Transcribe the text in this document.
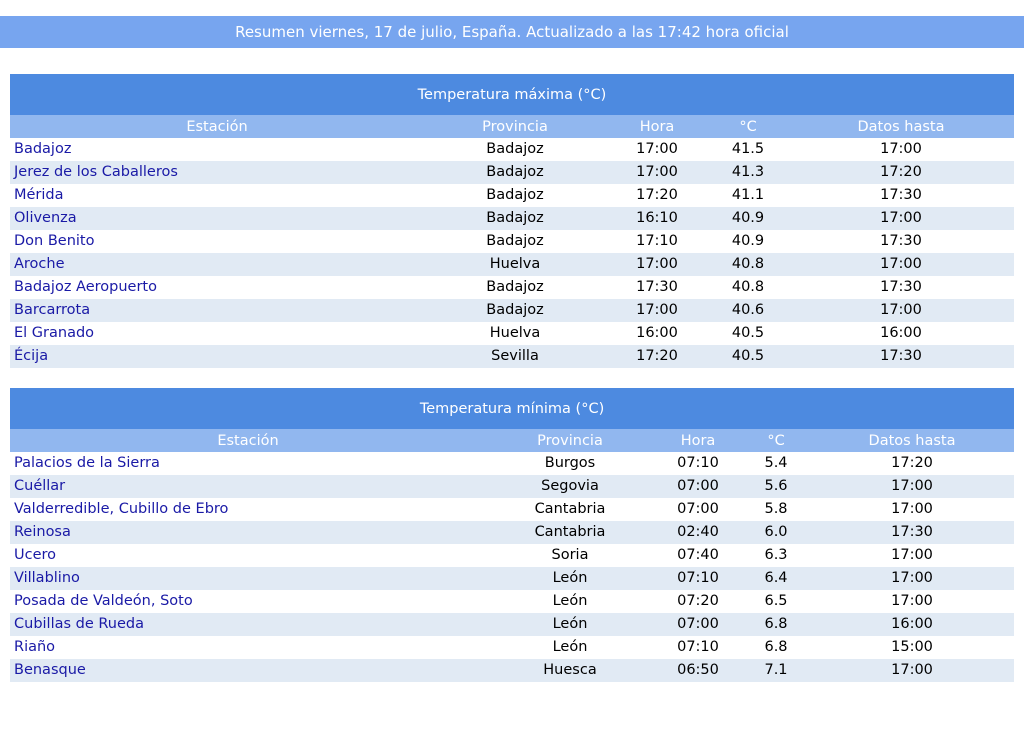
Resumen viernes, 17 de julio, España. Actualizado a las 17:42 hora oficial
Temperatura máxima (°C)				
Estación	Provincia	Hora	°C	Datos hasta
Badajoz	Badajoz	17:00	41.5	17:00
Jerez de los Caballeros	Badajoz	17:00	41.3	17:20
Mérida	Badajoz	17:20	41.1	17:30
Olivenza	Badajoz	16:10	40.9	17:00
Don Benito	Badajoz	17:10	40.9	17:30
Aroche	Huelva	17:00	40.8	17:00
Badajoz Aeropuerto	Badajoz	17:30	40.8	17:30
Barcarrota	Badajoz	17:00	40.6	17:00
El Granado	Huelva	16:00	40.5	16:00
Écija	Sevilla	17:20	40.5	17:30
Temperatura mínima (°C)				
Estación	Provincia	Hora	°C	Datos hasta
Palacios de la Sierra	Burgos	07:10	5.4	17:20
Cuéllar	Segovia	07:00	5.6	17:00
Valderredible, Cubillo de Ebro	Cantabria	07:00	5.8	17:00
Reinosa	Cantabria	02:40	6.0	17:30
Ucero	Soria	07:40	6.3	17:00
Villablino	León	07:10	6.4	17:00
Posada de Valdeón, Soto	León	07:20	6.5	17:00
Cubillas de Rueda	León	07:00	6.8	16:00
Riaño	León	07:10	6.8	15:00
Benasque	Huesca	06:50	7.1	17:00
